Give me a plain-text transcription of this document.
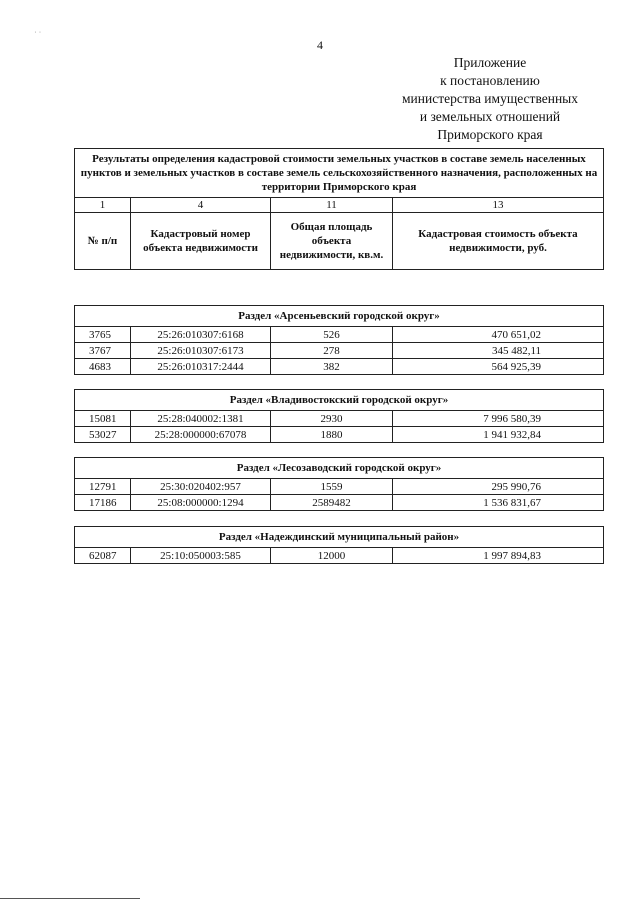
˙ ˙
4
Приложение
к постановлению
министерства имущественных
и земельных отношений
Приморского края
Результаты определения кадастровой стоимости земельных участков в составе земель населенных пунктов и земельных участков в составе земель сельскохозяйственного назначения, расположенных на территории Приморского края			
1	4	11	13
№ п/п	Кадастровый номер объекта недвижимости	Общая площадь объекта недвижимости, кв.м.	Кадастровая стоимость объекта недвижимости, руб.
Раздел «Арсеньевский городской округ»			
3765	25:26:010307:6168	526	470 651,02
3767	25:26:010307:6173	278	345 482,11
4683	25:26:010317:2444	382	564 925,39
Раздел «Владивостокский городской округ»			
15081	25:28:040002:1381	2930	7 996 580,39
53027	25:28:000000:67078	1880	1 941 932,84
Раздел «Лесозаводский городской округ»			
12791	25:30:020402:957	1559	295 990,76
17186	25:08:000000:1294	2589482	1 536 831,67
Раздел «Надеждинский муниципальный район»
62087	25:10:050003:585	12000	1 997 894,83
